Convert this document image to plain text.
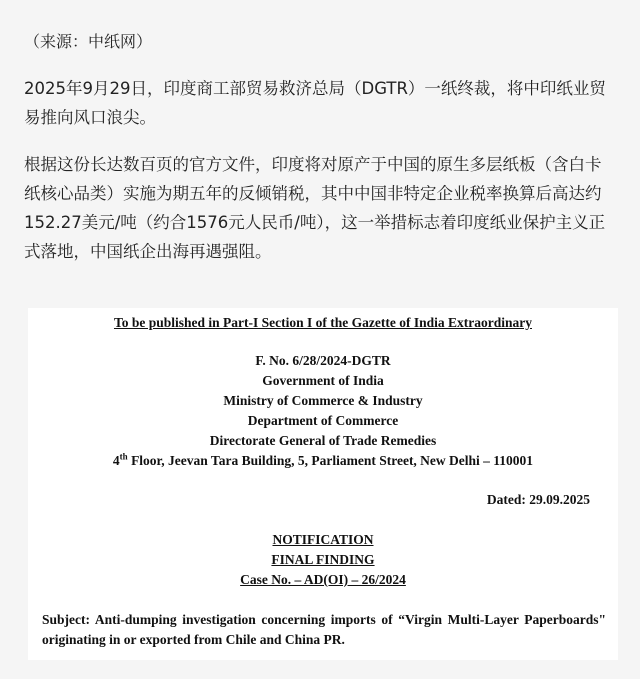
（来源：中纸网）

2025年9月29日，印度商工部贸易救济总局（DGTR）一纸终裁，将中印纸业贸易推向风口浪尖。

根据这份长达数百页的官方文件，印度将对原产于中国的原生多层纸板（含白卡纸核心品类）实施为期五年的反倾销税，其中中国非特定企业税率换算后高达约152.27美元/吨（约合1576元人民币/吨），这一举措标志着印度纸业保护主义正式落地，中国纸企出海再遇强阻。

To be published in Part-I Section I of the Gazette of India Extraordinary
F. No. 6/28/2024-DGTR
Government of India
Ministry of Commerce & Industry
Department of Commerce
Directorate General of Trade Remedies
4th Floor, Jeevan Tara Building, 5, Parliament Street, New Delhi – 110001
Dated: 29.09.2025
NOTIFICATION
FINAL FINDING
Case No. – AD(OI) – 26/2024
Subject: Anti-dumping investigation concerning imports of “Virgin Multi-Layer Paperboards" originating in or exported from Chile and China PR.
